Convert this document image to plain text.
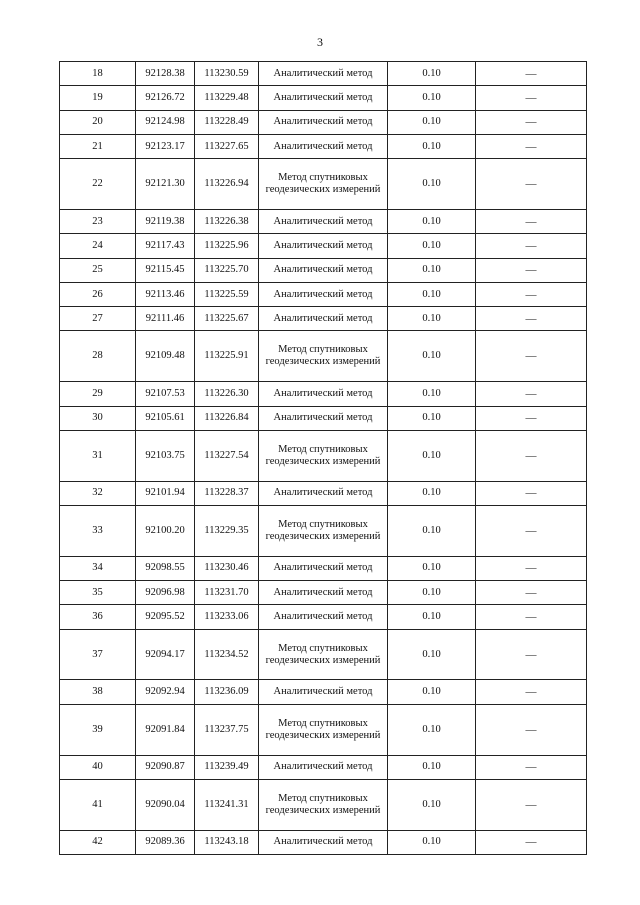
3
18	92128.38	113230.59	Аналитический метод	0.10	—
19	92126.72	113229.48	Аналитический метод	0.10	—
20	92124.98	113228.49	Аналитический метод	0.10	—
21	92123.17	113227.65	Аналитический метод	0.10	—
22	92121.30	113226.94	Метод спутниковых геодезических измерений	0.10	—
23	92119.38	113226.38	Аналитический метод	0.10	—
24	92117.43	113225.96	Аналитический метод	0.10	—
25	92115.45	113225.70	Аналитический метод	0.10	—
26	92113.46	113225.59	Аналитический метод	0.10	—
27	92111.46	113225.67	Аналитический метод	0.10	—
28	92109.48	113225.91	Метод спутниковых геодезических измерений	0.10	—
29	92107.53	113226.30	Аналитический метод	0.10	—
30	92105.61	113226.84	Аналитический метод	0.10	—
31	92103.75	113227.54	Метод спутниковых геодезических измерений	0.10	—
32	92101.94	113228.37	Аналитический метод	0.10	—
33	92100.20	113229.35	Метод спутниковых геодезических измерений	0.10	—
34	92098.55	113230.46	Аналитический метод	0.10	—
35	92096.98	113231.70	Аналитический метод	0.10	—
36	92095.52	113233.06	Аналитический метод	0.10	—
37	92094.17	113234.52	Метод спутниковых геодезических измерений	0.10	—
38	92092.94	113236.09	Аналитический метод	0.10	—
39	92091.84	113237.75	Метод спутниковых геодезических измерений	0.10	—
40	92090.87	113239.49	Аналитический метод	0.10	—
41	92090.04	113241.31	Метод спутниковых геодезических измерений	0.10	—
42	92089.36	113243.18	Аналитический метод	0.10	—
